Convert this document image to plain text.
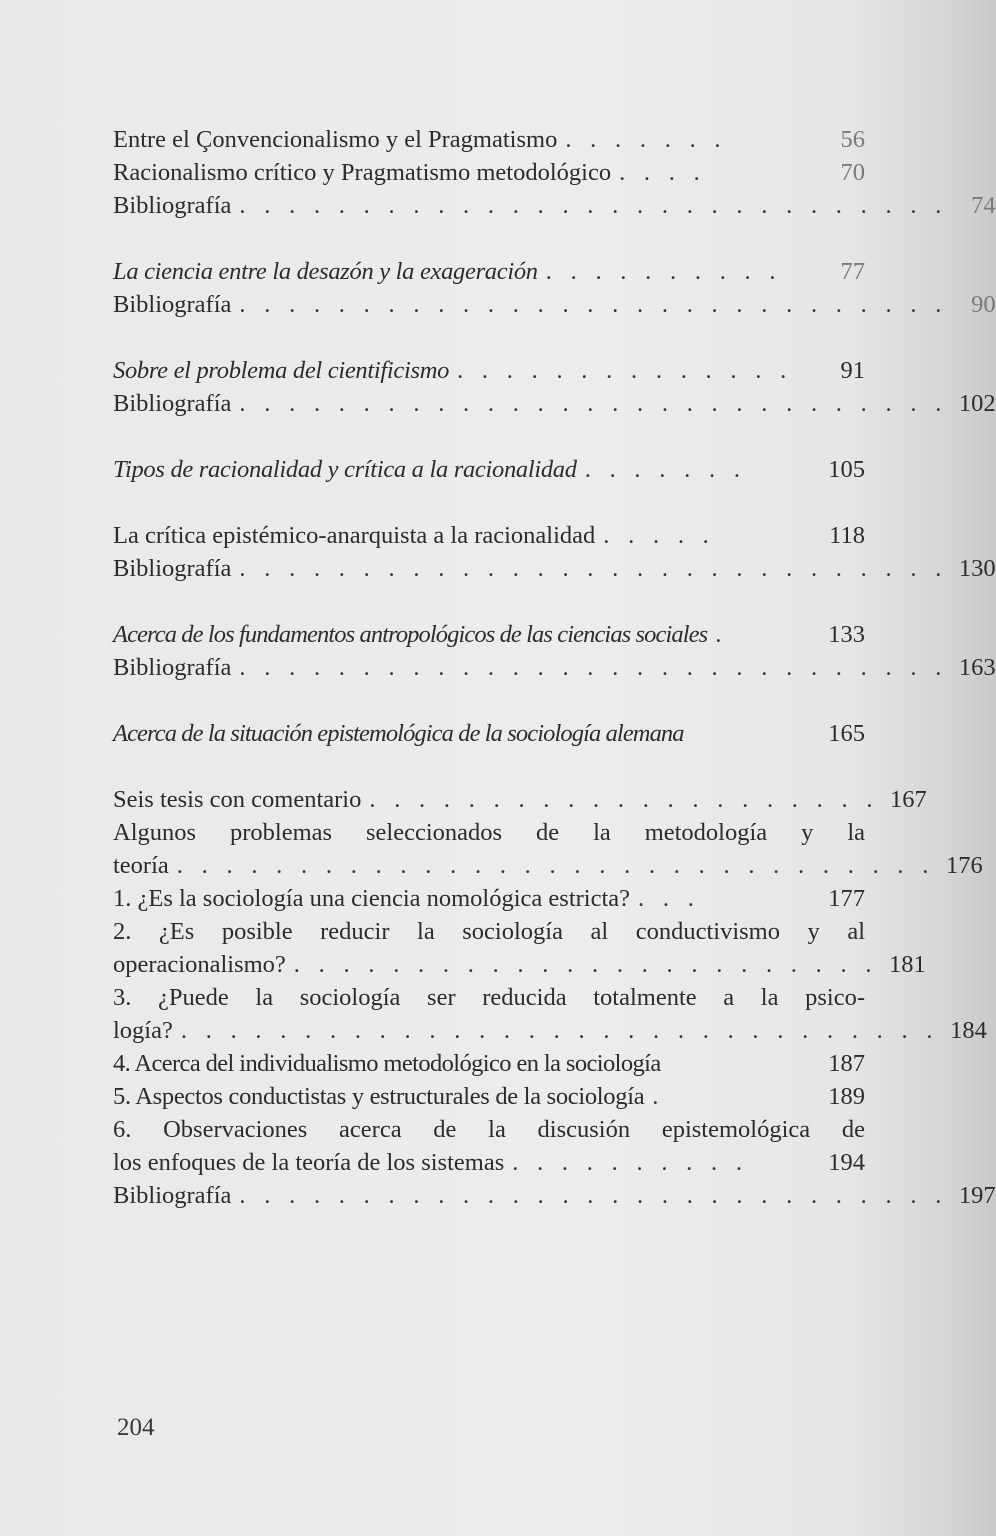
Entre el Çonvencionalismo y el Pragmatismo . . . . . . .	56
Racionalismo crítico y Pragmatismo metodológico . . . .	70
Bibliografía . . . . . . . . . . . . . . . . . . . . . . . . . . . . . 74
La ciencia entre la desazón y la exageración . . . . . . . . . .	77
Bibliografía . . . . . . . . . . . . . . . . . . . . . . . . . . . . . 90
Sobre el problema del cientificismo . . . . . . . . . . . . . .	91
Bibliografía . . . . . . . . . . . . . . . . . . . . . . . . . . . . . 102
Tipos de racionalidad y crítica a la racionalidad . . . . . . .	105
La crítica epistémico-anarquista a la racionalidad . . . . .	118
Bibliografía . . . . . . . . . . . . . . . . . . . . . . . . . . . . . 130
Acerca de los fundamentos antropológicos de las ciencias sociales .	133
Bibliografía . . . . . . . . . . . . . . . . . . . . . . . . . . . . . 163
Acerca de la situación epistemológica de la sociología alemana	165
Seis tesis con comentario . . . . . . . . . . . . . . . . . . . . . 167
Algunos problemas seleccionados de la metodología y la
teoría . . . . . . . . . . . . . . . . . . . . . . . . . . . . . . . 176
1. ¿Es la sociología una ciencia nomológica estricta? . . .	177
2. ¿Es posible reducir la sociología al conductivismo y al
operacionalismo? . . . . . . . . . . . . . . . . . . . . . . . . 181
3. ¿Puede la sociología ser reducida totalmente a la psico-
logía? . . . . . . . . . . . . . . . . . . . . . . . . . . . . . . . 184
4. Acerca del individualismo metodológico en la sociología	187
5. Aspectos conductistas y estructurales de la sociología .	189
6. Observaciones acerca de la discusión epistemológica de
los enfoques de la teoría de los sistemas . . . . . . . . . .	194
Bibliografía . . . . . . . . . . . . . . . . . . . . . . . . . . . . . 197
204
